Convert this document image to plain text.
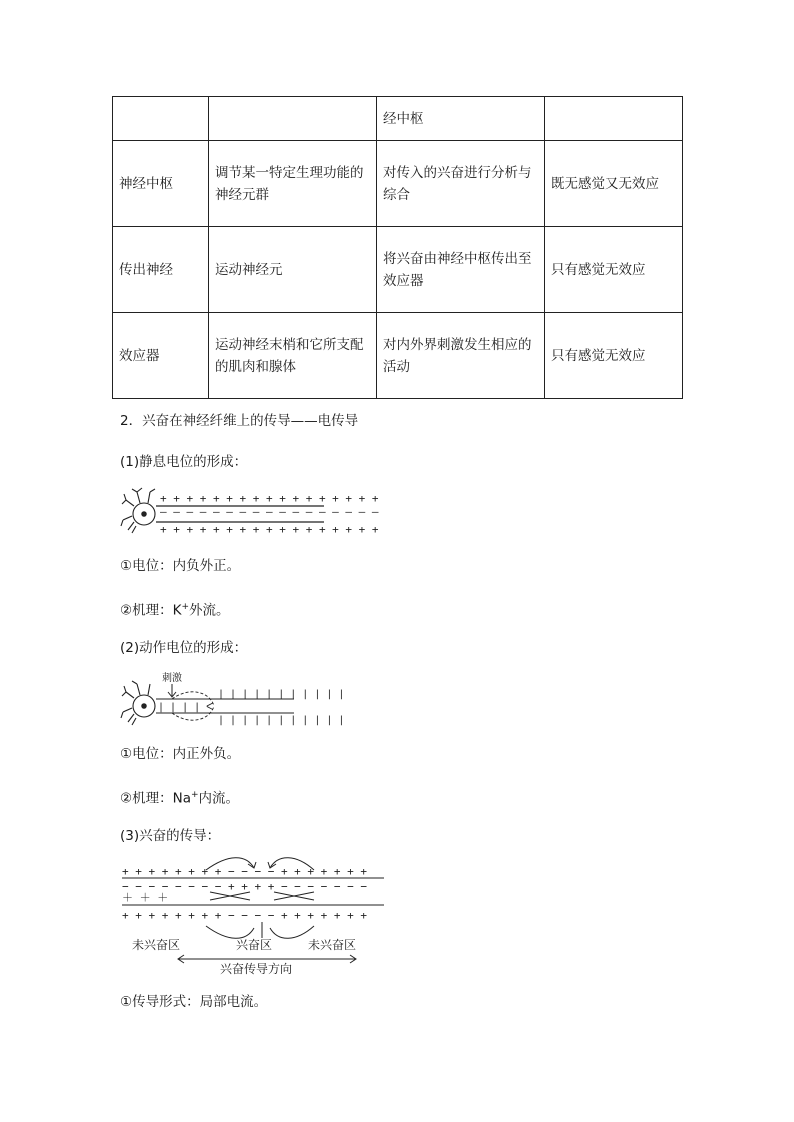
		经中枢	
神经中枢	调节某一特定生理功能的神经元群	对传入的兴奋进行分析与综合	既无感觉又无效应
传出神经	运动神经元	将兴奋由神经中枢传出至效应器	只有感觉无效应
效应器	运动神经末梢和它所支配的肌肉和腺体	对内外界刺激发生相应的活动	只有感觉无效应
2．兴奋在神经纤维上的传导——电传导
(1)静息电位的形成：
+ + + + + + + + + + + + + + + + +
— — — — — — — — — — — — — — — — —
+ + + + + + + + + + + + + + + + +
①电位：内负外正。
②机理：K+外流。
(2)动作电位的形成：
刺激
| | | | ᐸ
| | | | | | | | | | |
| | | | | | | | | | |
①电位：内正外负。
②机理：Na+内流。
(3)兴奋的传导：
+ + + + + + + + − − − − + + + + + + +
− − − − − − − − + + + + − − − − − − −
＋ ＋ ＋
+ + + + + + + + − − − − + + + + + + +
未兴奋区	兴奋区	未兴奋区
兴奋传导方向
①传导形式：局部电流。
